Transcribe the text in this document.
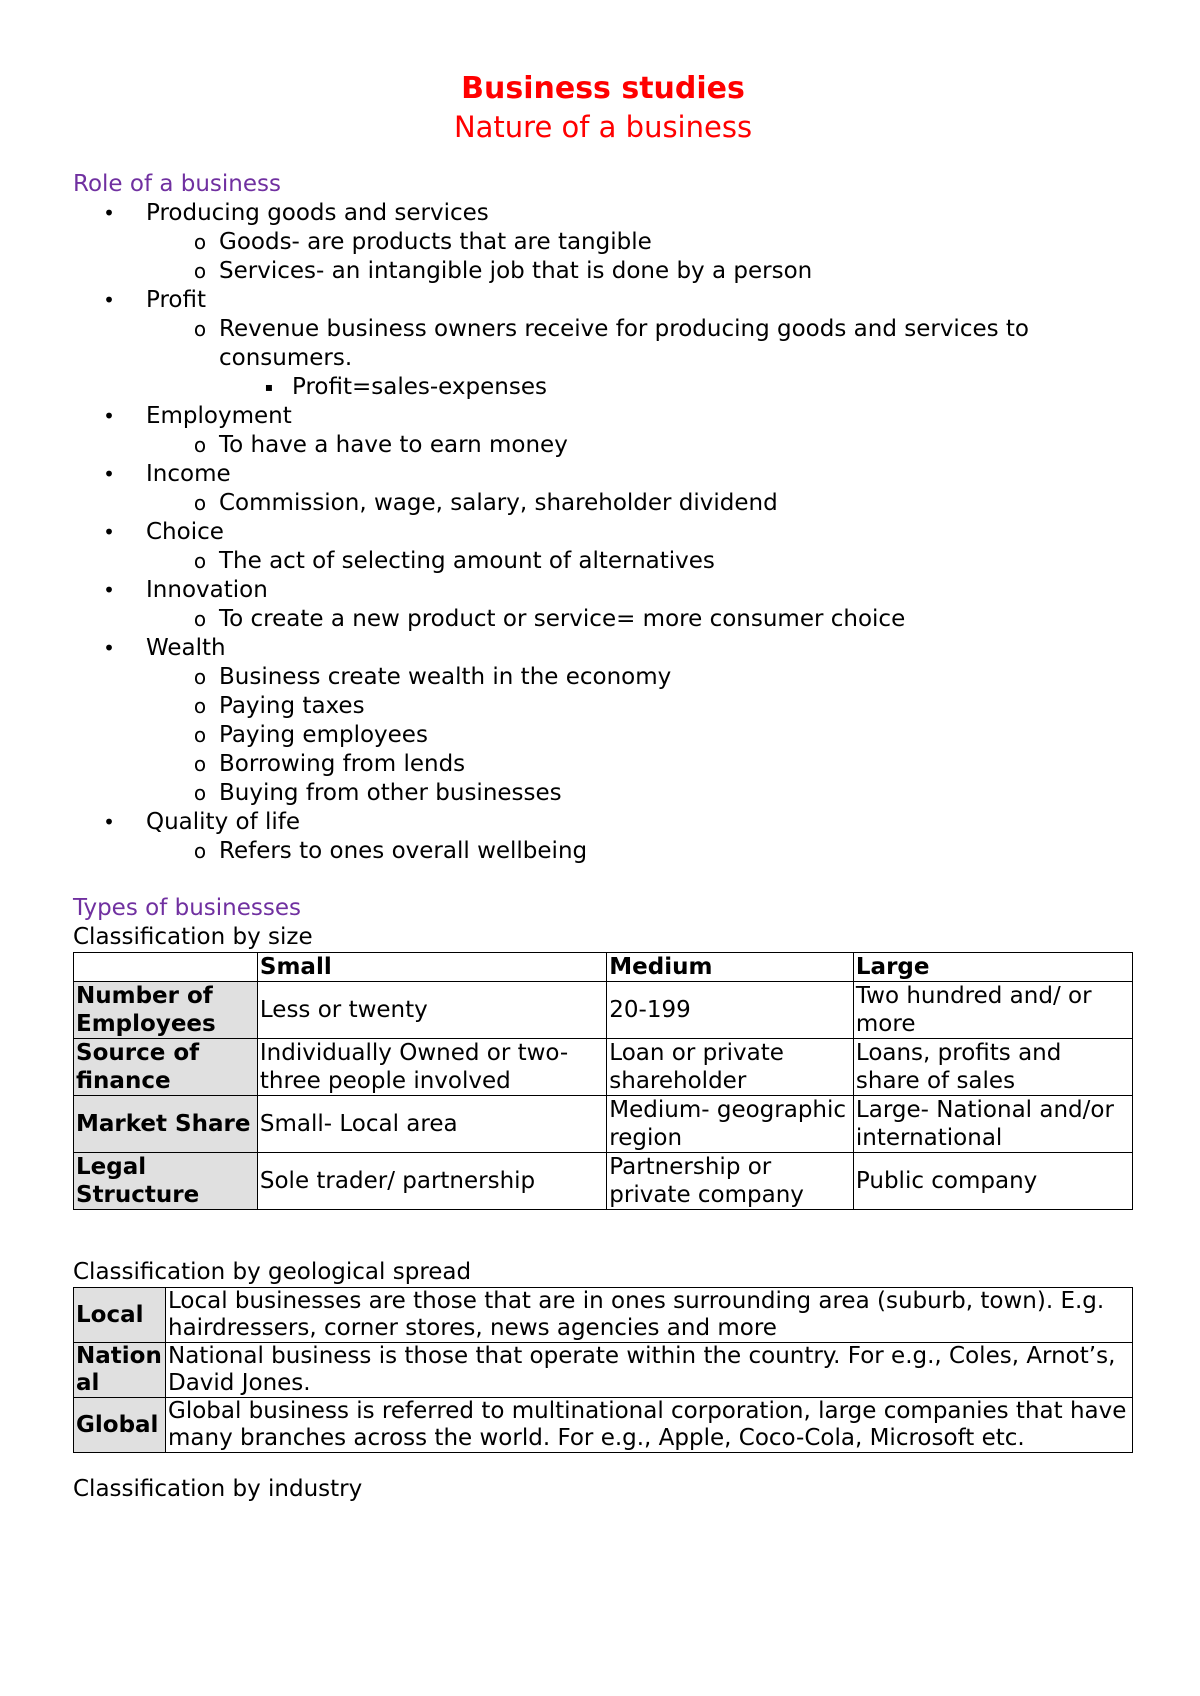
Business studies
Nature of a business
Role of a business
• Producing goods and services
o Goods- are products that are tangible
o Services- an intangible job that is done by a person
• Profit
o Revenue business owners receive for producing goods and services to consumers.
▪ Profit=sales-expenses
• Employment
o To have a have to earn money
• Income
o Commission, wage, salary, shareholder dividend
• Choice
o The act of selecting amount of alternatives
• Innovation
o To create a new product or service= more consumer choice
• Wealth
o Business create wealth in the economy
o Paying taxes
o Paying employees
o Borrowing from lends
o Buying from other businesses
• Quality of life
o Refers to ones overall wellbeing
Types of businesses
Classification by size
	Small	Medium	Large
Number of Employees	Less or twenty	20-199	Two hundred and/ or more
Source of finance	Individually Owned or two-three people involved	Loan or private shareholder	Loans, profits and share of sales
Market Share	Small- Local area	Medium- geographic region	Large- National and/or international
Legal Structure	Sole trader/ partnership	Partnership or private company	Public company
Classification by geological spread
Local	Local businesses are those that are in ones surrounding area (suburb, town). E.g. hairdressers, corner stores, news agencies and more
National	National business is those that operate within the country. For e.g., Coles, Arnot’s, David Jones.
Global	Global business is referred to multinational corporation, large companies that have many branches across the world. For e.g., Apple, Coco-Cola, Microsoft etc.
Classification by industry
